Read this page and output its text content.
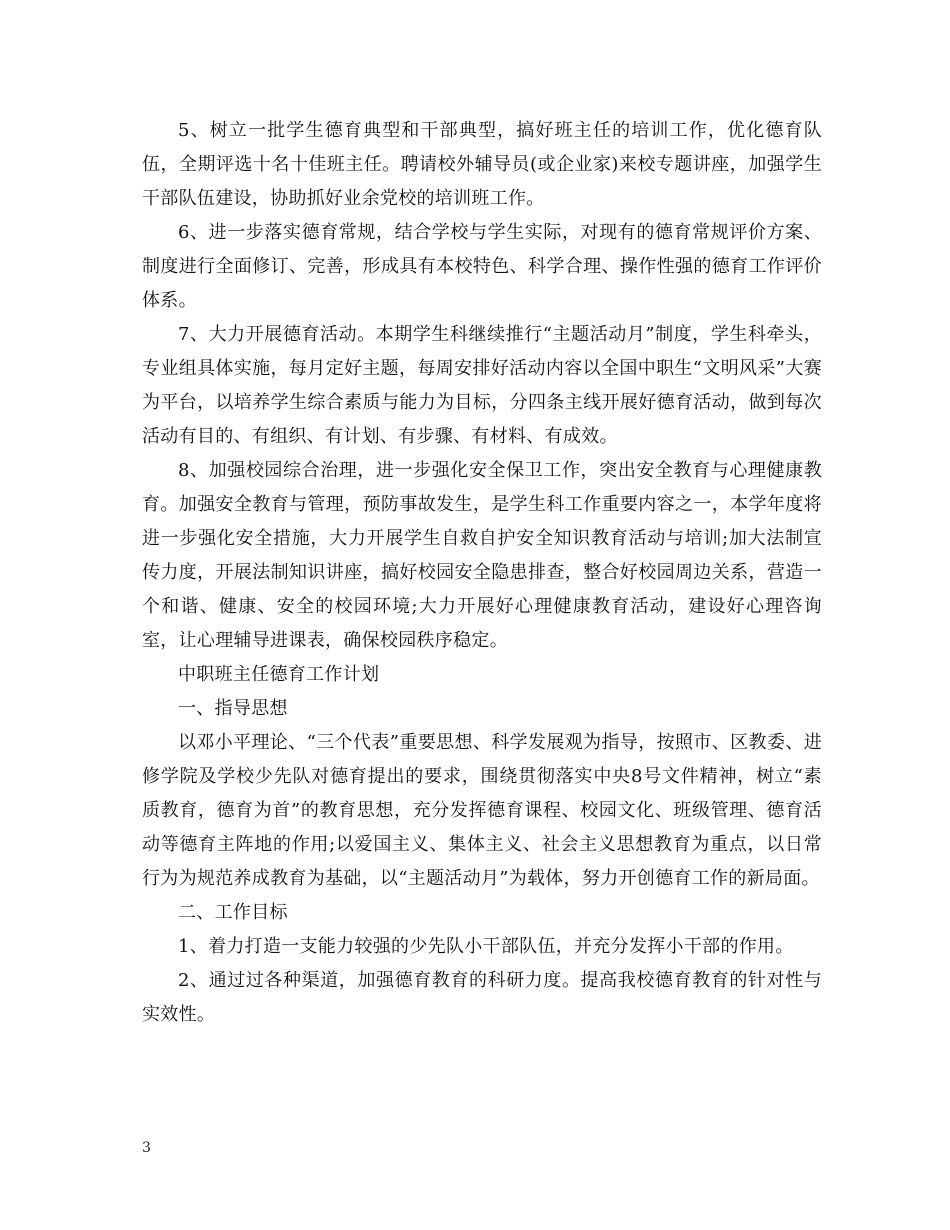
5、树立一批学生德育典型和干部典型，搞好班主任的培训工作，优化德育队伍，全期评选十名十佳班主任。聘请校外辅导员(或企业家)来校专题讲座，加强学生干部队伍建设，协助抓好业余党校的培训班工作。

6、进一步落实德育常规，结合学校与学生实际，对现有的德育常规评价方案、制度进行全面修订、完善，形成具有本校特色、科学合理、操作性强的德育工作评价体系。

7、大力开展德育活动。本期学生科继续推行“主题活动月”制度，学生科牵头，专业组具体实施，每月定好主题，每周安排好活动内容以全国中职生“文明风采”大赛为平台，以培养学生综合素质与能力为目标，分四条主线开展好德育活动，做到每次活动有目的、有组织、有计划、有步骤、有材料、有成效。

8、加强校园综合治理，进一步强化安全保卫工作，突出安全教育与心理健康教育。加强安全教育与管理，预防事故发生，是学生科工作重要内容之一，本学年度将进一步强化安全措施，大力开展学生自救自护安全知识教育活动与培训;加大法制宣传力度，开展法制知识讲座，搞好校园安全隐患排查，整合好校园周边关系，营造一个和谐、健康、安全的校园环境;大力开展好心理健康教育活动，建设好心理咨询室，让心理辅导进课表，确保校园秩序稳定。

中职班主任德育工作计划

一、指导思想

以邓小平理论、“三个代表”重要思想、科学发展观为指导，按照市、区教委、进修学院及学校少先队对德育提出的要求，围绕贯彻落实中央8号文件精神，树立“素质教育，德育为首”的教育思想，充分发挥德育课程、校园文化、班级管理、德育活动等德育主阵地的作用;以爱国主义、集体主义、社会主义思想教育为重点，以日常行为为规范养成教育为基础，以“主题活动月”为载体，努力开创德育工作的新局面。

二、工作目标

1、着力打造一支能力较强的少先队小干部队伍，并充分发挥小干部的作用。

2、通过过各种渠道，加强德育教育的科研力度。提高我校德育教育的针对性与实效性。

3
